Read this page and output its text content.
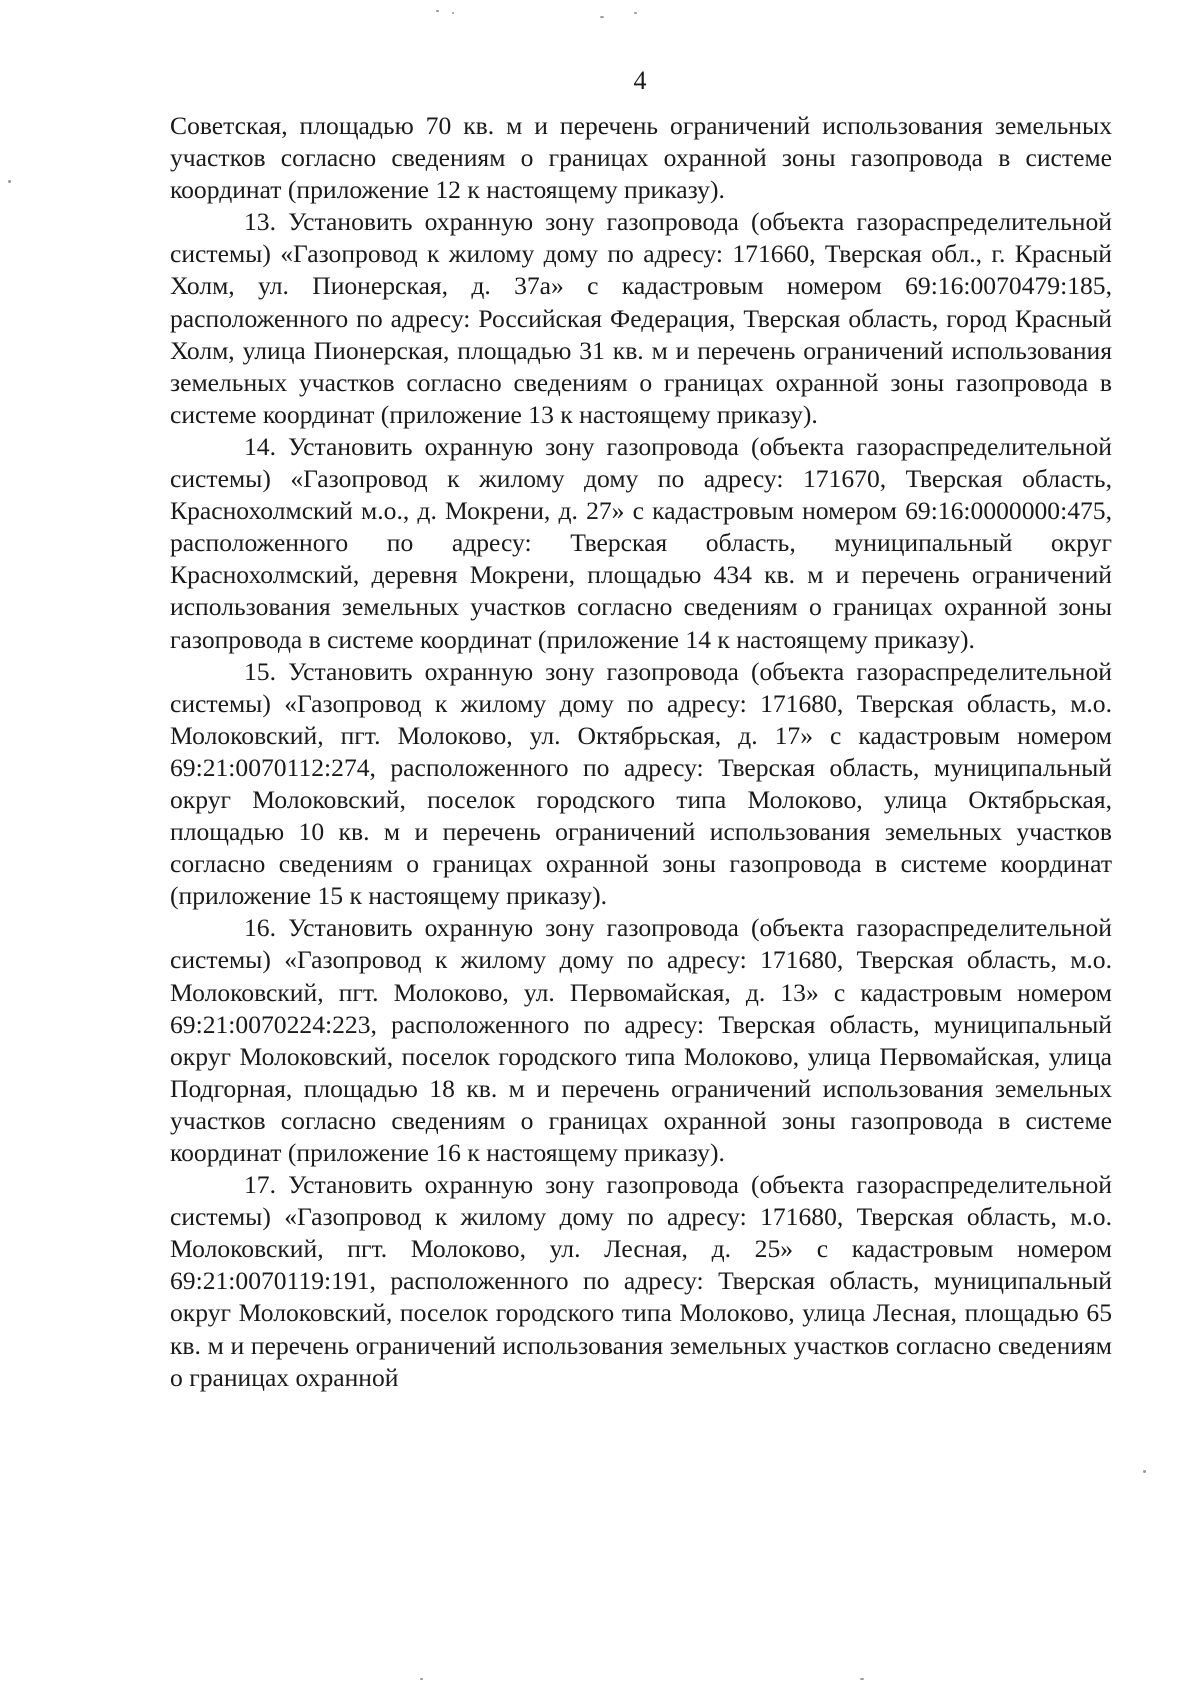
4

Советская, площадью 70 кв. м и перечень ограничений использования земельных участков согласно сведениям о границах охранной зоны газопровода в системе координат (приложение 12 к настоящему приказу).

13. Установить охранную зону газопровода (объекта газораспределительной системы) «Газопровод к жилому дому по адресу: 171660, Тверская обл., г. Красный Холм, ул. Пионерская, д. 37а» с кадастровым номером 69:16:0070479:185, расположенного по адресу: Российская Федерация, Тверская область, город Красный Холм, улица Пионерская, площадью 31 кв. м и перечень ограничений использования земельных участков согласно сведениям о границах охранной зоны газопровода в системе координат (приложение 13 к настоящему приказу).

14. Установить охранную зону газопровода (объекта газораспределительной системы) «Газопровод к жилому дому по адресу: 171670, Тверская область, Краснохолмский м.о., д. Мокрени, д. 27» с кадастровым номером 69:16:0000000:475, расположенного по адресу: Тверская область, муниципальный округ Краснохолмский, деревня Мокрени, площадью 434 кв. м и перечень ограничений использования земельных участков согласно сведениям о границах охранной зоны газопровода в системе координат (приложение 14 к настоящему приказу).

15. Установить охранную зону газопровода (объекта газораспределительной системы) «Газопровод к жилому дому по адресу: 171680, Тверская область, м.о. Молоковский, пгт. Молоково, ул. Октябрьская, д. 17» с кадастровым номером 69:21:0070112:274, расположенного по адресу: Тверская область, муниципальный округ Молоковский, поселок городского типа Молоково, улица Октябрьская, площадью 10 кв. м и перечень ограничений использования земельных участков согласно сведениям о границах охранной зоны газопровода в системе координат (приложение 15 к настоящему приказу).

16. Установить охранную зону газопровода (объекта газораспределительной системы) «Газопровод к жилому дому по адресу: 171680, Тверская область, м.о. Молоковский, пгт. Молоково, ул. Первомайская, д. 13» с кадастровым номером 69:21:0070224:223, расположенного по адресу: Тверская область, муниципальный округ Молоковский, поселок городского типа Молоково, улица Первомайская, улица Подгорная, площадью 18 кв. м и перечень ограничений использования земельных участков согласно сведениям о границах охранной зоны газопровода в системе координат (приложение 16 к настоящему приказу).

17. Установить охранную зону газопровода (объекта газораспределительной системы) «Газопровод к жилому дому по адресу: 171680, Тверская область, м.о. Молоковский, пгт. Молоково, ул. Лесная, д. 25» с кадастровым номером 69:21:0070119:191, расположенного по адресу: Тверская область, муниципальный округ Молоковский, поселок городского типа Молоково, улица Лесная, площадью 65 кв. м и перечень ограничений использования земельных участков согласно сведениям о границах охранной
